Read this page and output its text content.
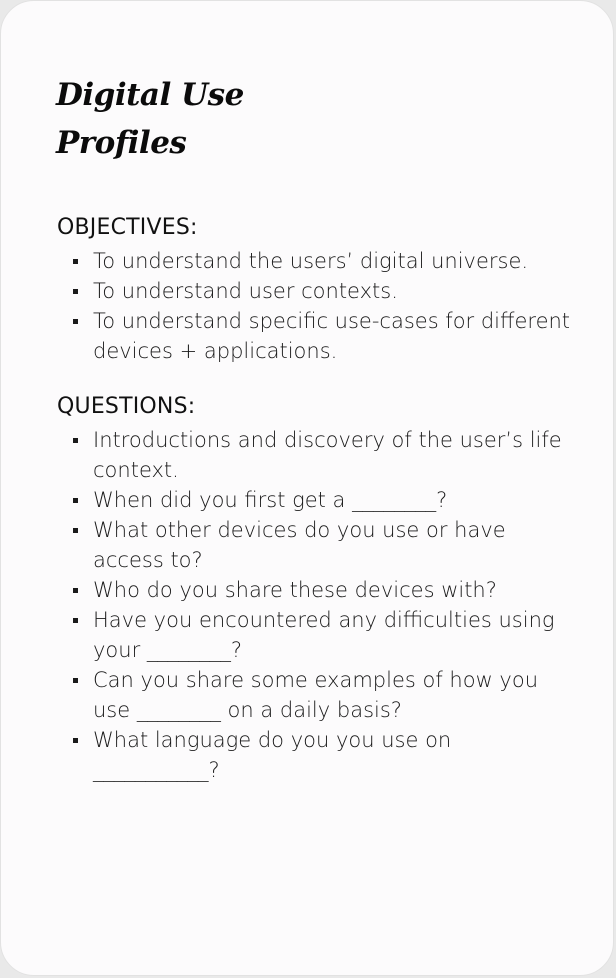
Digital Use
Profiles
OBJECTIVES:
To understand the users’ digital universe.
To understand user contexts.
To understand specific use-cases for different devices + applications.
QUESTIONS:
Introductions and discovery of the user’s life context.
When did you first get a ________?
What other devices do you use or have access to?
Who do you share these devices with?
Have you encountered any difficulties using your ________?
Can you share some examples of how you use ________ on a daily basis?
What language do you you use on ___________?
